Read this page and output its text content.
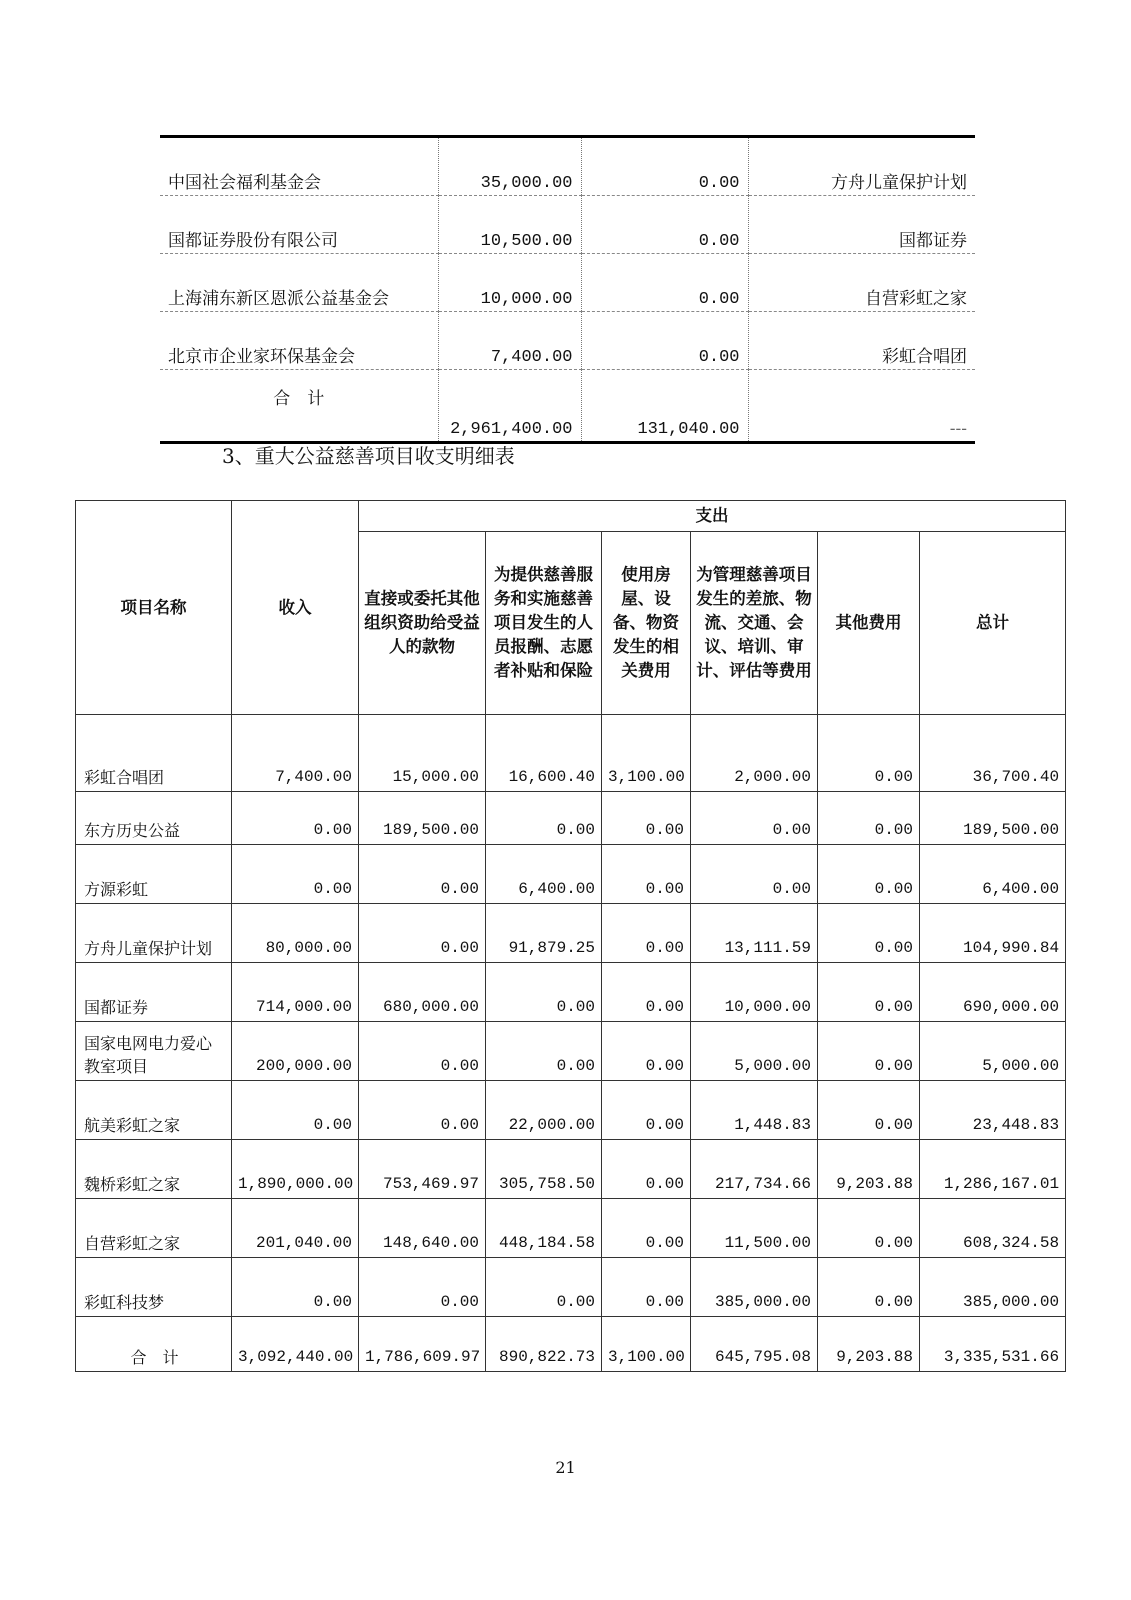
中国社会福利基金会	35,000.00	0.00	方舟儿童保护计划
国都证券股份有限公司	10,500.00	0.00	国都证券
上海浦东新区恩派公益基金会	10,000.00	0.00	自营彩虹之家
北京市企业家环保基金会	7,400.00	0.00	彩虹合唱团
合　计	2,961,400.00	131,040.00	---
3、重大公益慈善项目收支明细表
项目名称	收入	支出					
		直接或委托其他组织资助给受益人的款物	为提供慈善服务和实施慈善项目发生的人员报酬、志愿者补贴和保险	使用房屋、设备、物资发生的相关费用	为管理慈善项目发生的差旅、物流、交通、会议、培训、审计、评估等费用	其他费用	总计
彩虹合唱团	7,400.00	15,000.00	16,600.40	3,100.00	2,000.00	0.00	36,700.40
东方历史公益	0.00	189,500.00	0.00	0.00	0.00	0.00	189,500.00
方源彩虹	0.00	0.00	6,400.00	0.00	0.00	0.00	6,400.00
方舟儿童保护计划	80,000.00	0.00	91,879.25	0.00	13,111.59	0.00	104,990.84
国都证券	714,000.00	680,000.00	0.00	0.00	10,000.00	0.00	690,000.00
国家电网电力爱心教室项目	200,000.00	0.00	0.00	0.00	5,000.00	0.00	5,000.00
航美彩虹之家	0.00	0.00	22,000.00	0.00	1,448.83	0.00	23,448.83
魏桥彩虹之家	1,890,000.00	753,469.97	305,758.50	0.00	217,734.66	9,203.88	1,286,167.01
自营彩虹之家	201,040.00	148,640.00	448,184.58	0.00	11,500.00	0.00	608,324.58
彩虹科技梦	0.00	0.00	0.00	0.00	385,000.00	0.00	385,000.00
合　计	3,092,440.00	1,786,609.97	890,822.73	3,100.00	645,795.08	9,203.88	3,335,531.66
21
